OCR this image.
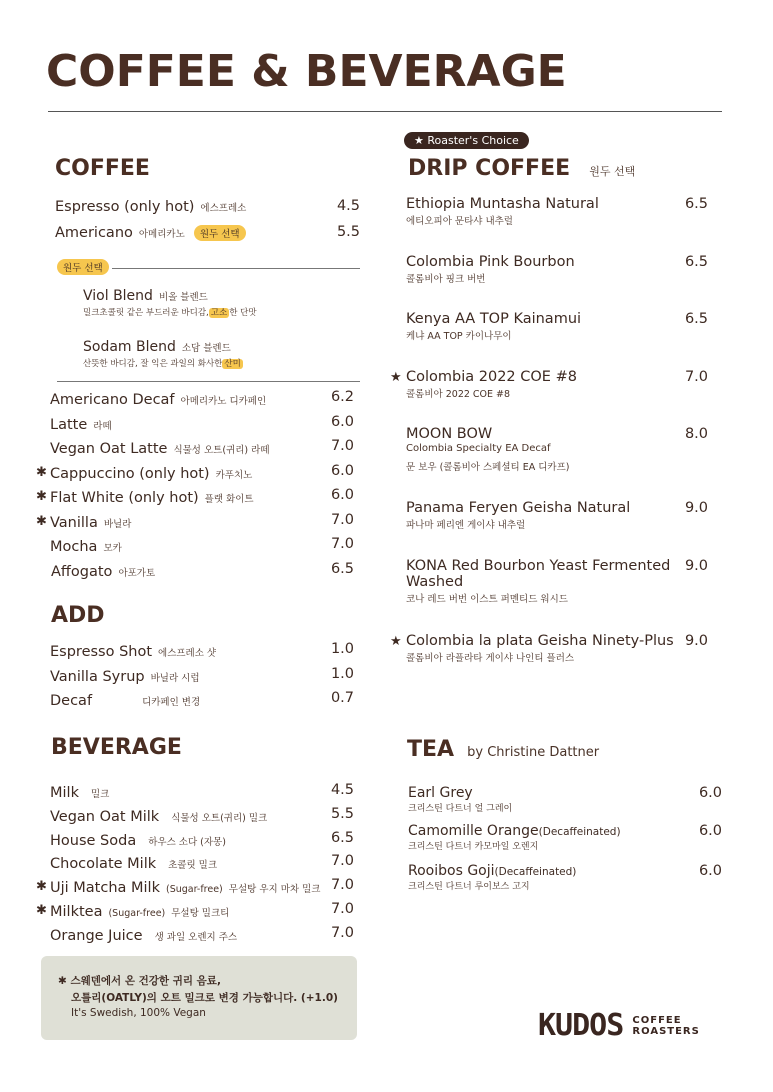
COFFEE & BEVERAGE
COFFEE
Espresso (only hot) 에스프레소	4.5
Americano 아메리카노 원두 선택	5.5
원두 선택
Viol Blend 비올 블렌드
밀크초콜릿 같은 부드러운 바디감, 고소 한 단맛
Sodam Blend 소담 블렌드
산뜻한 바디감, 잘 익은 과일의 화사한 산미
Americano Decaf 아메리카노 디카페인	6.2
Latte 라떼	6.0
Vegan Oat Latte 식물성 오트(귀리) 라떼	7.0
✱ Cappuccino (only hot) 카푸치노	6.0
✱ Flat White (only hot) 플랫 화이트	6.0
✱ Vanilla 바닐라	7.0
Mocha 모카	7.0
Affogato 아포가토	6.5
ADD
Espresso Shot 에스프레소 샷	1.0
Vanilla Syrup 바닐라 시럽	1.0
Decaf	디카페인 변경	0.7
BEVERAGE
Milk 밀크	4.5
Vegan Oat Milk 식물성 오트(귀리) 밀크	5.5
House Soda 하우스 소다 (자몽)	6.5
Chocolate Milk 초콜릿 밀크	7.0
✱ Uji Matcha Milk (Sugar-free) 무설탕 우지 마차 밀크 7.0
✱ Milktea (Sugar-free) 무설탕 밀크티	7.0
Orange Juice 생 과일 오렌지 주스	7.0
✱ 스웨덴에서 온 건강한 귀리 음료,
오틀리(OATLY)의 오트 밀크로 변경 가능합니다. (+1.0)
It's Swedish, 100% Vegan
★ Roaster's Choice
DRIP COFFEE 원두 선택
Ethiopia Muntasha Natural
에티오피아 문타샤 내추럴
6.5
Colombia Pink Bourbon
콜롬비아 핑크 버번
6.5
Kenya AA TOP Kainamui
케냐 AA TOP 카이나무이
6.5
★ Colombia 2022 COE #8
콜롬비아 2022 COE #8
7.0
MOON BOW
Colombia Specialty EA Decaf
문 보우 (콜롬비아 스페셜티 EA 디카프)
8.0
Panama Feryen Geisha Natural
파나마 페리엔 게이샤 내추럴
9.0
KONA Red Bourbon Yeast Fermented
Washed
코나 레드 버번 이스트 퍼멘티드 워시드
9.0
★ Colombia la plata Geisha Ninety-Plus
콜롬비아 라플라타 게이샤 나인티 플러스
9.0
TEA by Christine Dattner
Earl Grey
크리스틴 다트너 얼 그레이
6.0
Camomille Orange(Decaffeinated)
크리스틴 다트너 카모마일 오렌지
6.0
Rooibos Goji(Decaffeinated)
크리스틴 다트너 루이보스 고지
6.0
KUDOS COFFEE
ROASTERS
